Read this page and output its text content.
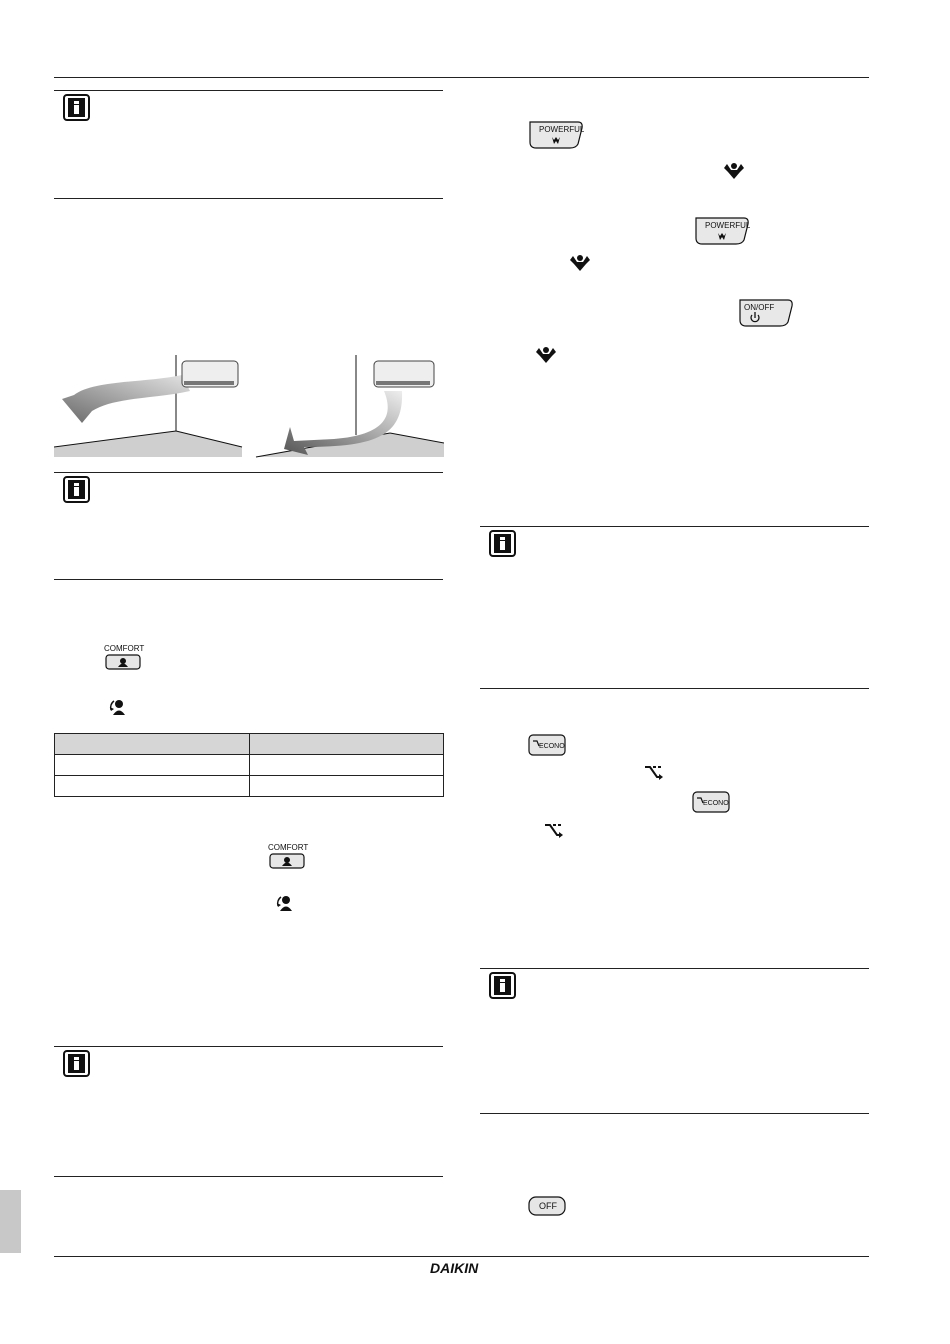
COMFORT

COMFORT
POWERFUL
POWERFUL
ON/OFF
ECONO
ECONO
OFF
DAIKIN
